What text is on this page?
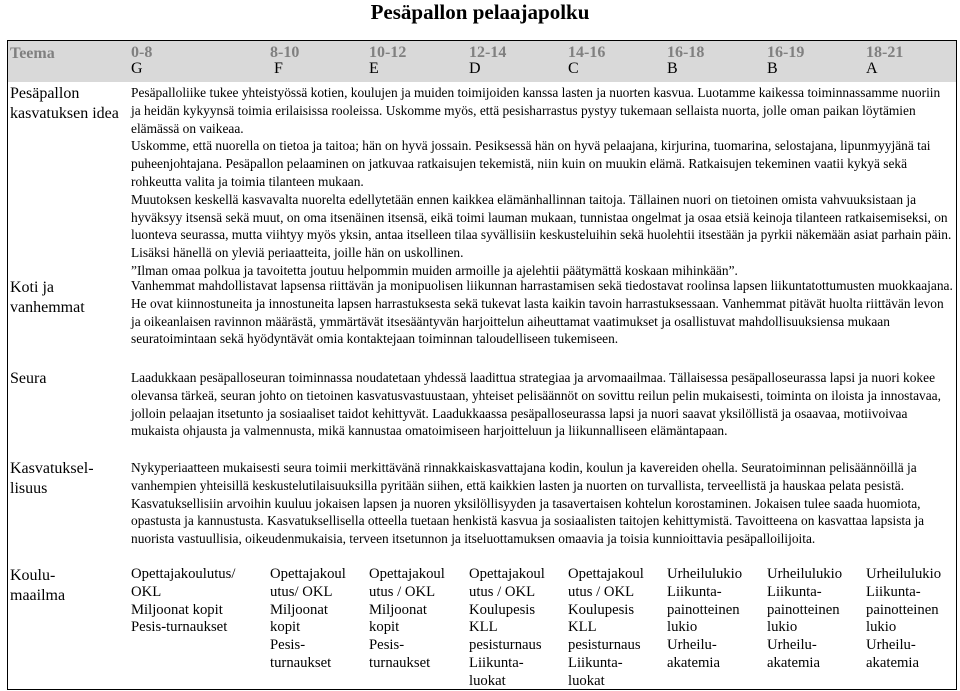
Pesäpallon pelaajapolku
Teema	0-8
G
8-10
F
10-12
E
12-14
D
14-16
C
16-18
B
16-19
B
18-21
A
Pesäpallon kasvatuksen idea

Pesäpalloliike tukee yhteistyössä kotien, koulujen ja muiden toimijoiden kanssa lasten ja nuorten kasvua. Luotamme kaikessa toiminnassamme nuoriin ja heidän kykyynsä toimia erilaisissa rooleissa. Uskomme myös, että pesisharrastus pystyy tukemaan sellaista nuorta, jolle oman paikan löytämien elämässä on vaikeaa.

Uskomme, että nuorella on tietoa ja taitoa; hän on hyvä jossain. Pesiksessä hän on hyvä pelaajana, kirjurina, tuomarina, selostajana, lipunmyyjänä tai puheenjohtajana. Pesäpallon pelaaminen on jatkuvaa ratkaisujen tekemistä, niin kuin on muukin elämä. Ratkaisujen tekeminen vaatii kykyä sekä rohkeutta valita ja toimia tilanteen mukaan.

Muutoksen keskellä kasvavalta nuorelta edellytetään ennen kaikkea elämänhallinnan taitoja. Tällainen nuori on tietoinen omista vahvuuksistaan ja hyväksyy itsensä sekä muut, on oma itsenäinen itsensä, eikä toimi lauman mukaan, tunnistaa ongelmat ja osaa etsiä keinoja tilanteen ratkaisemiseksi, on luonteva seurassa, mutta viihtyy myös yksin, antaa itselleen tilaa syvällisiin keskusteluihin sekä huolehtii itsestään ja pyrkii näkemään asiat parhain päin. Lisäksi hänellä on yleviä periaatteita, joille hän on uskollinen.

”Ilman omaa polkua ja tavoitetta joutuu helpommin muiden armoille ja ajelehtii päätymättä koskaan mihinkään”.

Koti ja vanhemmat
Vanhemmat mahdollistavat lapsensa riittävän ja monipuolisen liikunnan harrastamisen sekä tiedostavat roolinsa lapsen liikuntatottumusten muokkaajana. He ovat kiinnostuneita ja innostuneita lapsen harrastuksesta sekä tukevat lasta kaikin tavoin harrastuksessaan. Vanhemmat pitävät huolta riittävän levon ja oikeanlaisen ravinnon määrästä, ymmärtävät itsesääntyvän harjoittelun aiheuttamat vaatimukset ja osallistuvat mahdollisuuksiensa mukaan seuratoimintaan sekä hyödyntävät omia kontaktejaan toiminnan taloudelliseen tukemiseen.
Seura	Laadukkaan pesäpalloseuran toiminnassa noudatetaan yhdessä laadittua strategiaa ja arvomaailmaa. Tällaisessa pesäpalloseurassa lapsi ja nuori kokee olevansa tärkeä, seuran johto on tietoinen kasvatusvastuustaan, yhteiset pelisäännöt on sovittu reilun pelin mukaisesti, toiminta on iloista ja innostavaa, jolloin pelaajan itsetunto ja sosiaaliset taidot kehittyvät. Laadukkaassa pesäpalloseurassa lapsi ja nuori saavat yksilöllistä ja osaavaa, motiivoivaa mukaista ohjausta ja valmennusta, mikä kannustaa omatoimiseen harjoitteluun ja liikunnalliseen elämäntapaan.
Kasvatuksel-
lisuus
Nykyperiaatteen mukaisesti seura toimii merkittävänä rinnakkaiskasvattajana kodin, koulun ja kavereiden ohella. Seuratoiminnan pelisäännöillä ja vanhempien yhteisillä keskustelutilaisuuksilla pyritään siihen, että kaikkien lasten ja nuorten on turvallista, terveellistä ja hauskaa pelata pesistä. Kasvatuksellisiin arvoihin kuuluu jokaisen lapsen ja nuoren yksilöllisyyden ja tasavertaisen kohtelun korostaminen. Jokaisen tulee saada huomiota, opastusta ja kannustusta. Kasvatuksellisella otteella tuetaan henkistä kasvua ja sosiaalisten taitojen kehittymistä. Tavoitteena on kasvattaa lapsista ja nuorista vastuullisia, oikeudenmukaisia, terveen itsetunnon ja itseluottamuksen omaavia ja toisia kunnioittavia pesäpalloilijoita.
Koulu-
maailma
Opettajakoulutus/
OKL
Miljoonat kopit
Pesis-turnaukset
Opettajakoul
utus/ OKL
Miljoonat
kopit
Pesis-
turnaukset
Opettajakoul
utus / OKL
Miljoonat
kopit
Pesis-
turnaukset
Opettajakoul
utus / OKL
Koulupesis
KLL
pesisturnaus
Liikunta-
luokat
Opettajakoul
utus / OKL
Koulupesis
KLL
pesisturnaus
Liikunta-
luokat
Urheilulukio
Liikunta-
painotteinen
lukio
Urheilu-
akatemia
Urheilulukio
Liikunta-
painotteinen
lukio
Urheilu-
akatemia
Urheilulukio
Liikunta-
painotteinen
lukio
Urheilu-
akatemia
